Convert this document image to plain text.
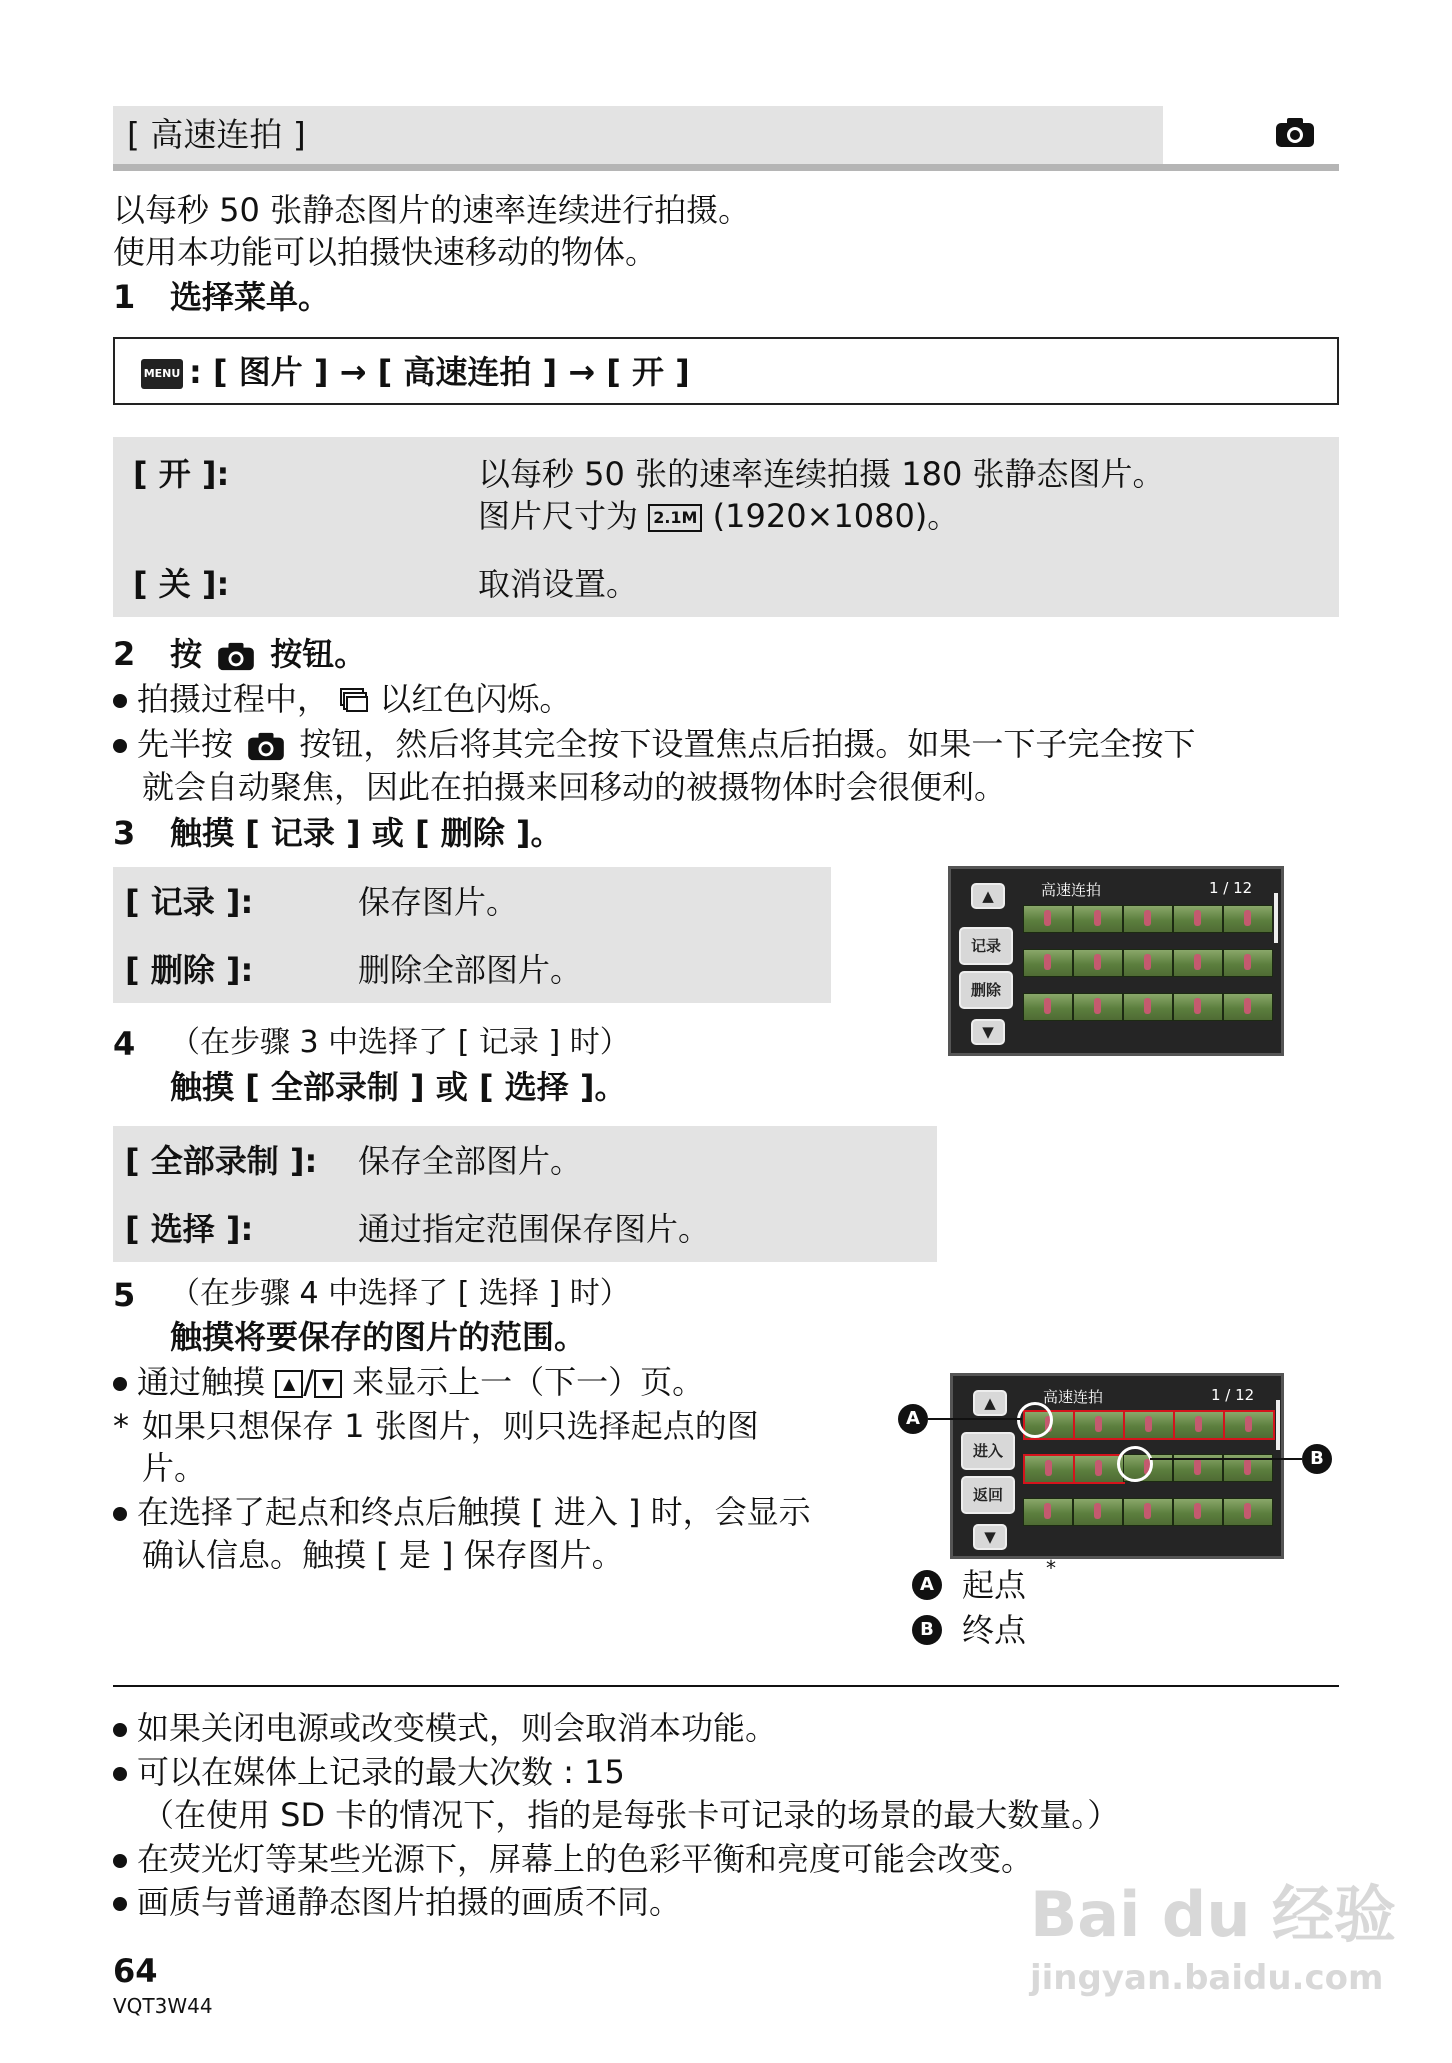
[ 高速连拍 ]
以每秒 50 张静态图片的速率连续进行拍摄。
使用本功能可以拍摄快速移动的物体。
1 选择菜单。
MENU : [ 图片 ] → [ 高速连拍 ] → [ 开 ]
[ 开 ]:	以每秒 50 张的速率连续拍摄 180 张静态图片。
图片尺寸为 2.1M (1920×1080)。
[ 关 ]:	取消设置。
2 按 按钮。
拍摄过程中， 以红色闪烁。
先半按 按钮，然后将其完全按下设置焦点后拍摄。如果一下子完全按下
就会自动聚焦，因此在拍摄来回移动的被摄物体时会很便利。
3 触摸 [ 记录 ] 或 [ 删除 ]。
[ 记录 ]:	保存图片。
[ 删除 ]:	删除全部图片。
▲
记录
删除
▼
高速连拍	1 / 12
4 （在步骤 3 中选择了 [ 记录 ] 时）
触摸 [ 全部录制 ] 或 [ 选择 ]。
[ 全部录制 ]: 保存全部图片。
[ 选择 ]:	通过指定范围保存图片。
5 （在步骤 4 中选择了 [ 选择 ] 时）
触摸将要保存的图片的范围。
通过触摸 ▲ / ▼ 来显示上一（下一）页。
* 如果只想保存 1 张图片，则只选择起点的图
片。
在选择了起点和终点后触摸 [ 进入 ] 时，会显示
确认信息。触摸 [ 是 ] 保存图片。
▲
进入
返回
▼
高速连拍	1 / 12
A
B
A 起点 *
B 终点
如果关闭电源或改变模式，则会取消本功能。
可以在媒体上记录的最大次数 : 15
（在使用 SD 卡的情况下，指的是每张卡可记录的场景的最大数量。）
在荧光灯等某些光源下，屏幕上的色彩平衡和亮度可能会改变。
画质与普通静态图片拍摄的画质不同。
64
VQT3W44
Bai du 经验
jingyan.baidu.com
